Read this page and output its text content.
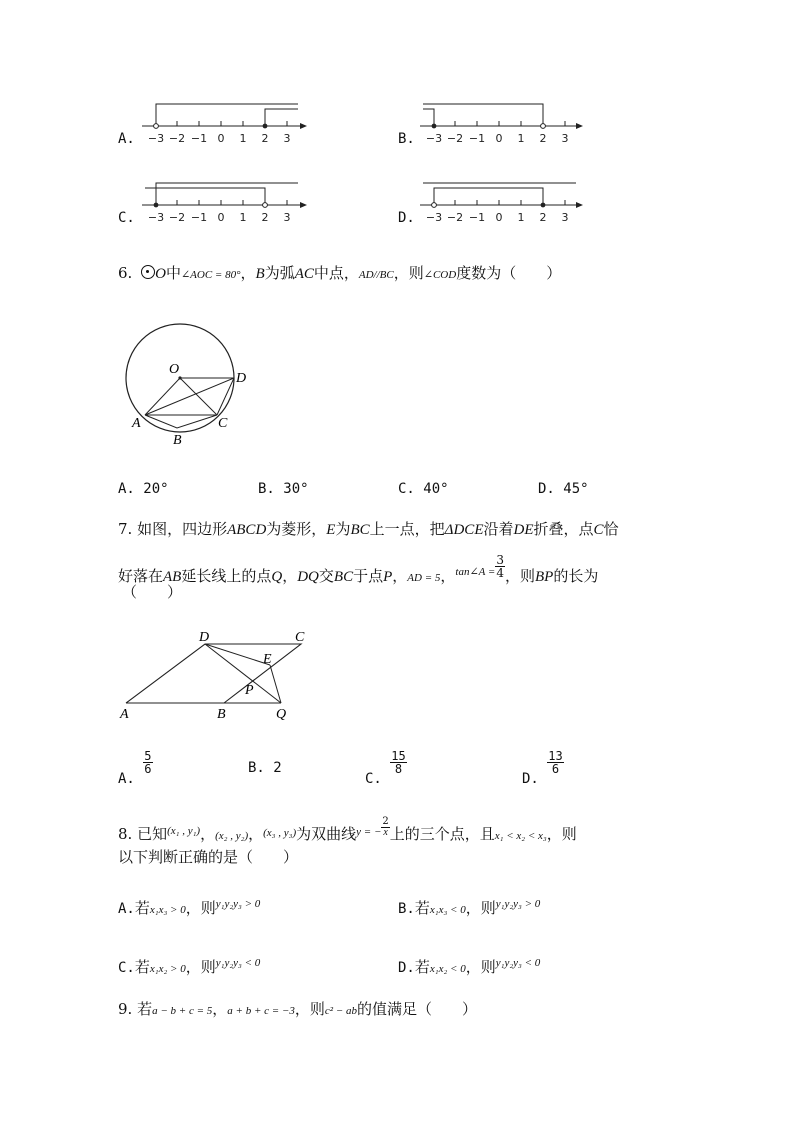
A. −3 −2 −1 0 1 2 3	B. −3 −2 −1 0 1 2 3
C. −3 −2 −1 0 1 2 3	D. −3 −2 −1 0 1 2 3
6. O中∠AOC = 80°，B为弧AC中点，AD//BC，则∠COD度数为（　　）
O
D
A
B
C
A. 20°	B. 30°	C. 40°	D. 45°
7. 如图，四边形ABCD为菱形，E为BC上一点，把ΔDCE沿着DE折叠，点C恰
好落在AB延长线上的点Q，DQ交BC于点P，AD = 5，$^{tan\angle A =} \frac{3}{4}$ ，则BP的长为
（　　）
D	C
E
P
A	B	Q
A.
$\frac{5}{6}$	B. 2
C.
$\frac{15}{8}$
D.
$\frac{13}{6}$
8. 已知$^{(x_1 , y_1)}$，(x₂ , y₂)，$^{(x_3 , y_3)}$为双曲线$^{y = -} \frac{2}{x}$ 上的三个点，且x₁ < x₂ < x₃，则
以下判断正确的是（　　）
A.若x₁x₃ > 0，则$^{y_1y_2y_3 > 0}$	B.若x₁x₃ < 0，则$^{y_1y_2y_3 > 0}$
C.若x₁x₂ > 0，则$^{y_1y_2y_3 < 0}$	D.若x₁x₂ < 0，则$^{y_1y_2y_3 < 0}$
9. 若a − b + c = 5，a + b + c = −3，则c² − ab的值满足（　　）
